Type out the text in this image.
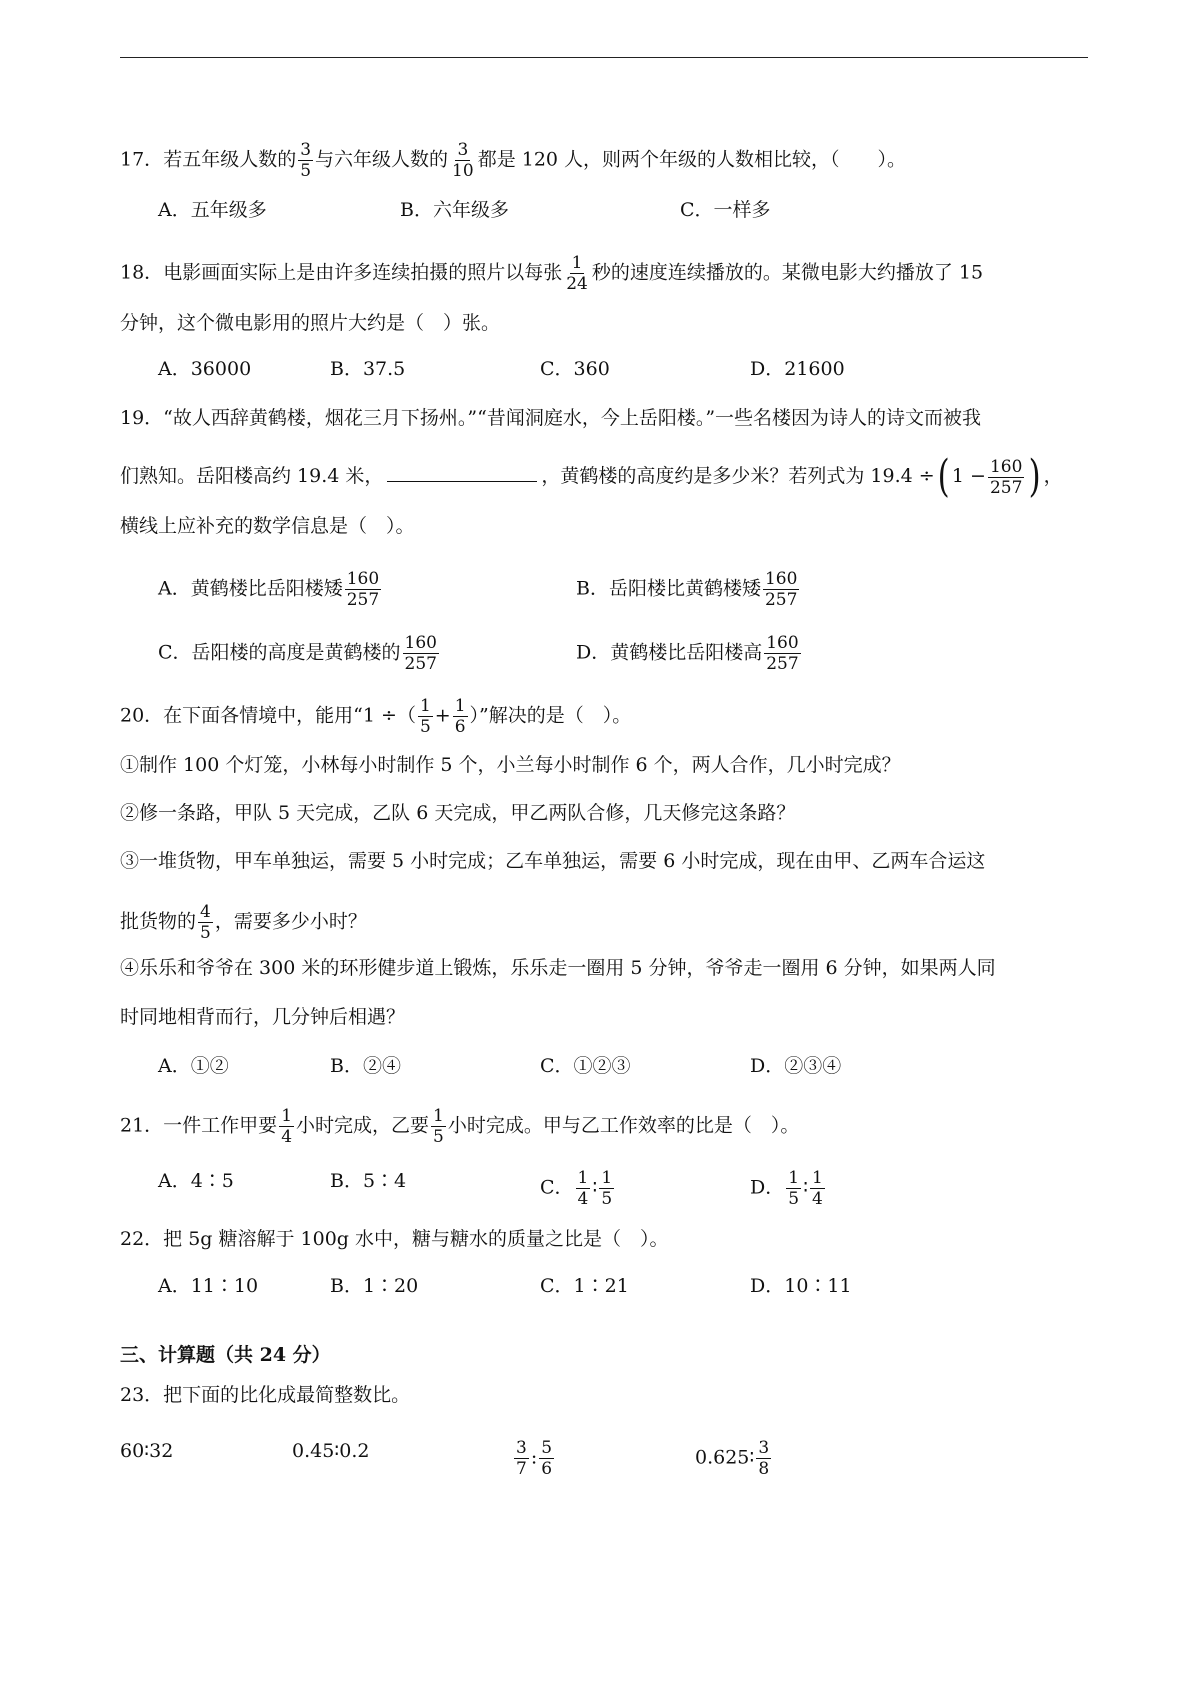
17．若五年级人数的 $\frac{3}{5}$ 与六年级人数的 $\frac{3}{10}$ 都是 120 人，则两个年级的人数相比较，（　　）。
A．五年级多	B．六年级多	C．一样多
18．电影画面实际上是由许多连续拍摄的照片以每张 $\frac{1}{24}$ 秒的速度连续播放的。某微电影大约播放了 15
分钟，这个微电影用的照片大约是（　）张。
A．36000	B．37.5	C．360	D．21600
19．“故人西辞黄鹤楼，烟花三月下扬州。”“昔闻洞庭水，今上岳阳楼。”一些名楼因为诗人的诗文而被我
们熟知。岳阳楼高约 19.4 米，	，黄鹤楼的高度约是多少米？若列式为 19.4 ÷( $1 - \frac{160}{257}$ ) ，
横线上应补充的数学信息是（　）。
A．黄鹤楼比岳阳楼矮 $\frac{160}{257}$	B．岳阳楼比黄鹤楼矮 $\frac{160}{257}$
C．岳阳楼的高度是黄鹤楼的 $\frac{160}{257}$	D．黄鹤楼比岳阳楼高 $\frac{160}{257}$
20．在下面各情境中，能用“1 ÷（ $\frac{1}{5} + \frac{1}{6}$ ）”解决的是（　）。
①制作 100 个灯笼，小林每小时制作 5 个，小兰每小时制作 6 个，两人合作，几小时完成？
②修一条路，甲队 5 天完成，乙队 6 天完成，甲乙两队合修，几天修完这条路？
③一堆货物，甲车单独运，需要 5 小时完成；乙车单独运，需要 6 小时完成，现在由甲、乙两车合运这
批货物的 $\frac{4}{5}$ ，需要多少小时？
④乐乐和爷爷在 300 米的环形健步道上锻炼，乐乐走一圈用 5 分钟，爷爷走一圈用 6 分钟，如果两人同
时同地相背而行，几分钟后相遇？
A．①②	B．②④	C．①②③	D．②③④
21．一件工作甲要 $\frac{1}{4}$ 小时完成，乙要 $\frac{1}{5}$ 小时完成。甲与乙工作效率的比是（　）。
A．4∶5	B．5∶4	C． $\frac{1}{4}$ ∶ $\frac{1}{5}$	D． $\frac{1}{5}$ ∶ $\frac{1}{4}$
22．把 5g 糖溶解于 100g 水中，糖与糖水的质量之比是（　）。
A．11∶10	B．1∶20	C．1∶21	D．10∶11
三、计算题（共 24 分）
23．把下面的比化成最简整数比。
60∶32	0.45∶0.2	$\frac{3}{7}$ : $\frac{5}{6}$	0.625∶ $\frac{3}{8}$
